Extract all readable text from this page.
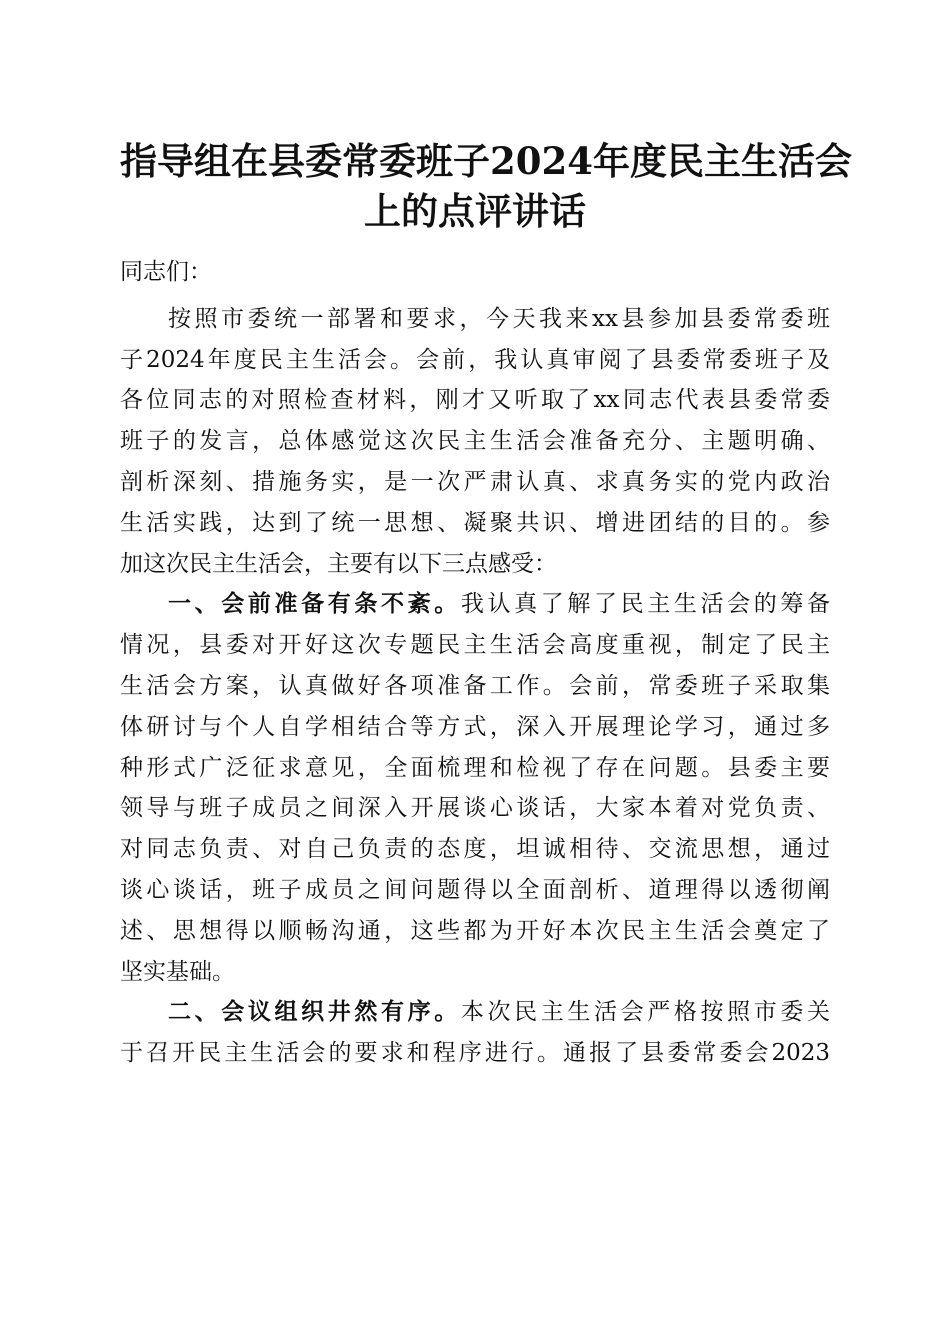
指导组在县委常委班子2024年度民主生活会
上的点评讲话
同志们：
按照市委统一部署和要求，今天我来xx县参加县委常委班
子2024年度民主生活会。会前，我认真审阅了县委常委班子及
各位同志的对照检查材料，刚才又听取了xx同志代表县委常委
班子的发言，总体感觉这次民主生活会准备充分、主题明确、
剖析深刻、措施务实，是一次严肃认真、求真务实的党内政治
生活实践，达到了统一思想、凝聚共识、增进团结的目的。参
加这次民主生活会，主要有以下三点感受：
一、会前准备有条不紊。我认真了解了民主生活会的筹备
情况，县委对开好这次专题民主生活会高度重视，制定了民主
生活会方案，认真做好各项准备工作。会前，常委班子采取集
体研讨与个人自学相结合等方式，深入开展理论学习，通过多
种形式广泛征求意见，全面梳理和检视了存在问题。县委主要
领导与班子成员之间深入开展谈心谈话，大家本着对党负责、
对同志负责、对自己负责的态度，坦诚相待、交流思想，通过
谈心谈话，班子成员之间问题得以全面剖析、道理得以透彻阐
述、思想得以顺畅沟通，这些都为开好本次民主生活会奠定了
坚实基础。
二、会议组织井然有序。本次民主生活会严格按照市委关
于召开民主生活会的要求和程序进行。通报了县委常委会2023
